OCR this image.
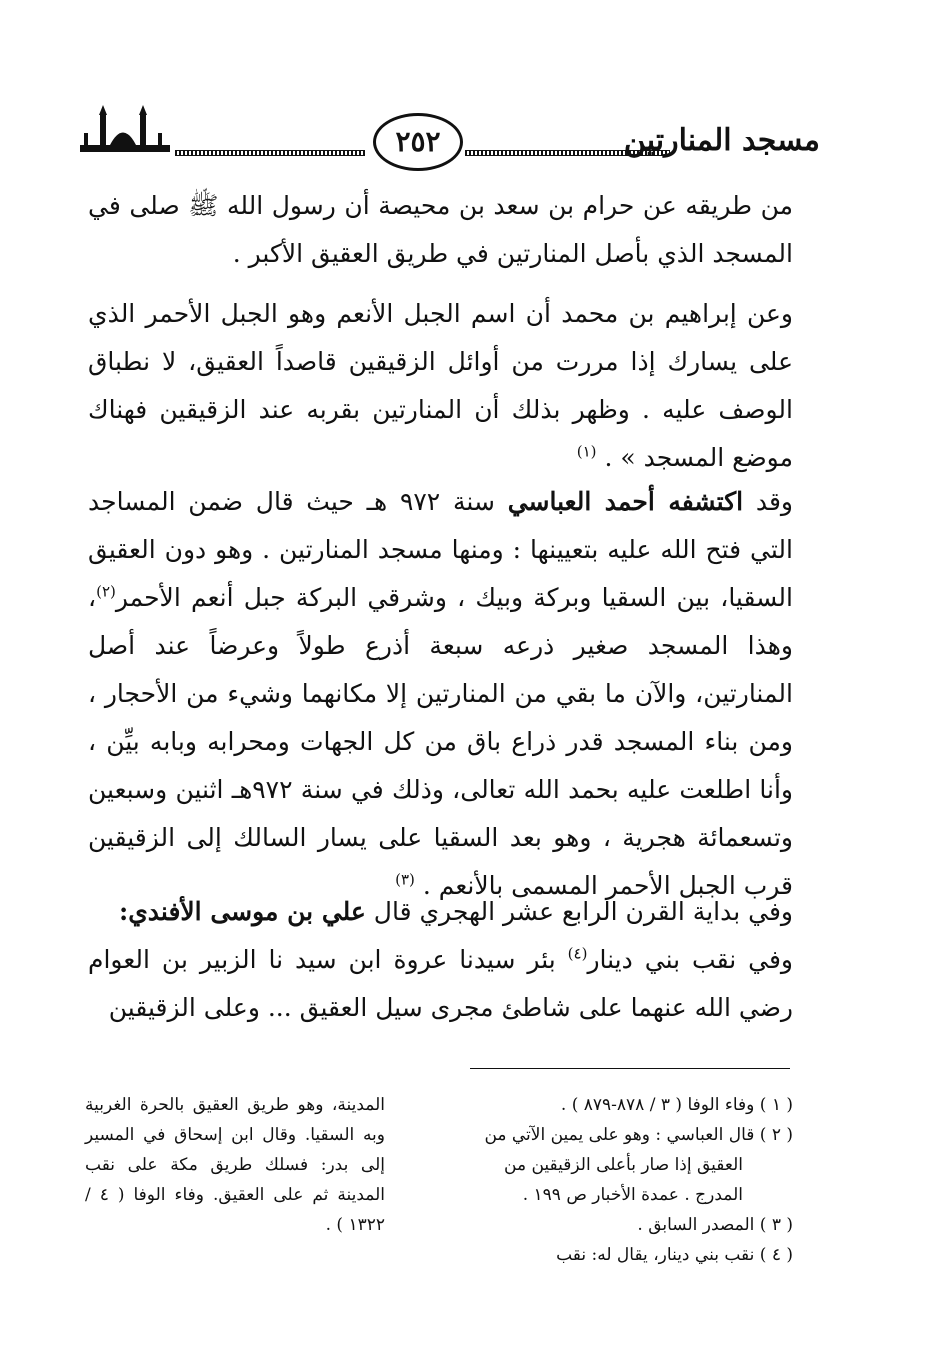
٢٥٢	مسجد المنارتين

من طريقه عن حرام بن سعد بن محيصة أن رسول الله ﷺ صلى في المسجد الذي بأصل المنارتين في طريق العقيق الأكبر .

وعن إبراهيم بن محمد أن اسم الجبل الأنعم وهو الجبل الأحمر الذي على يسارك إذا مررت من أوائل الزقيقين قاصداً العقيق، لا نطباق الوصف عليه . وظهر بذلك أن المنارتين بقربه عند الزقيقين فهناك موضع المسجد » . $^{(١)}$

وقد اكتشفه أحمد العباسي سنة ٩٧٢ هـ حيث قال ضمن المساجد التي فتح الله عليه بتعيينها : ومنها مسجد المنارتين . وهو دون العقيق السقيا، بين السقيا وبركة وبيك ، وشرقي البركة جبل أنعم الأحمر$^{(٢)}$، وهذا المسجد صغير ذرعه سبعة أذرع طولاً وعرضاً عند أصل المنارتين، والآن ما بقي من المنارتين إلا مكانهما وشيء من الأحجار ، ومن بناء المسجد قدر ذراع باق من كل الجهات ومحرابه وبابه بيِّن ، وأنا اطلعت عليه بحمد الله تعالى، وذلك في سنة ٩٧٢هـ اثنين وسبعين وتسعمائة هجرية ، وهو بعد السقيا على يسار السالك إلى الزقيقين قرب الجبل الأحمر المسمى بالأنعم . $^{(٣)}$

وفي بداية القرن الرابع عشر الهجري قال علي بن موسى الأفندي:

وفي نقب بني دينار$^{(٤)}$ بئر سيدنا عروة ابن سيد نا الزبير بن العوام رضي الله عنهما على شاطئ مجرى سيل العقيق ... وعلى الزقيقين

( ١ ) وفاء الوفا ( ٣ / ٨٧٨-٨٧٩ ) .

( ٢ ) قال العباسي : وهو على يمين الآتي من العقيق إذا صار بأعلى الزقيقين من المدرج . عمدة الأخبار ص ١٩٩ .

( ٣ ) المصدر السابق .

( ٤ ) نقب بني دينار، يقال له: نقب

المدينة، وهو طريق العقيق بالحرة الغربية وبه السقيا. وقال ابن إسحاق في المسير إلى بدر: فسلك طريق مكة على نقب المدينة ثم على العقيق. وفاء الوفا ( ٤ / ١٣٢٢ ) .
